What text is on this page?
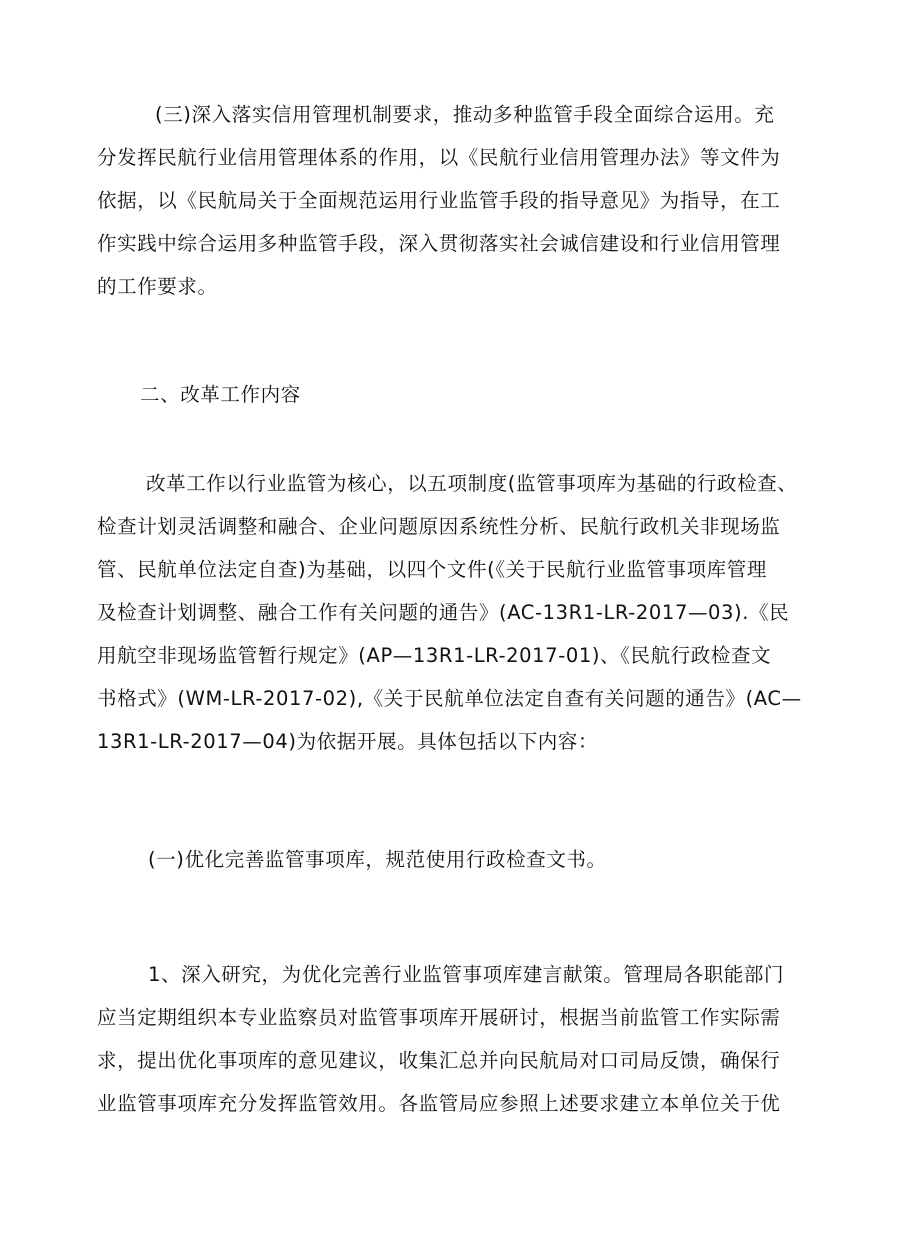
(三)深入落实信用管理机制要求，推动多种监管手段全面综合运用。充
分发挥民航行业信用管理体系的作用，以《民航行业信用管理办法》等文件为
依据，以《民航局关于全面规范运用行业监管手段的指导意见》为指导，在工
作实践中综合运用多种监管手段，深入贯彻落实社会诚信建设和行业信用管理
的工作要求。
二、改革工作内容
改革工作以行业监管为核心，以五项制度(监管事项库为基础的行政检查、
检查计划灵活调整和融合、企业问题原因系统性分析、民航行政机关非现场监
管、民航单位法定自查)为基础，以四个文件(《关于民航行业监管事项库管理
及检查计划调整、融合工作有关问题的通告》(AC-13R1-LR-2017—03).《民
用航空非现场监管暂行规定》(AP—13R1-LR-2017-01)、《民航行政检查文
书格式》(WM-LR-2017-02),《关于民航单位法定自查有关问题的通告》(AC—
13R1-LR-2017—04)为依据开展。具体包括以下内容：
(一)优化完善监管事项库，规范使用行政检查文书。
1、深入研究，为优化完善行业监管事项库建言献策。管理局各职能部门
应当定期组织本专业监察员对监管事项库开展研讨，根据当前监管工作实际需
求，提出优化事项库的意见建议，收集汇总并向民航局对口司局反馈，确保行
业监管事项库充分发挥监管效用。各监管局应参照上述要求建立本单位关于优
